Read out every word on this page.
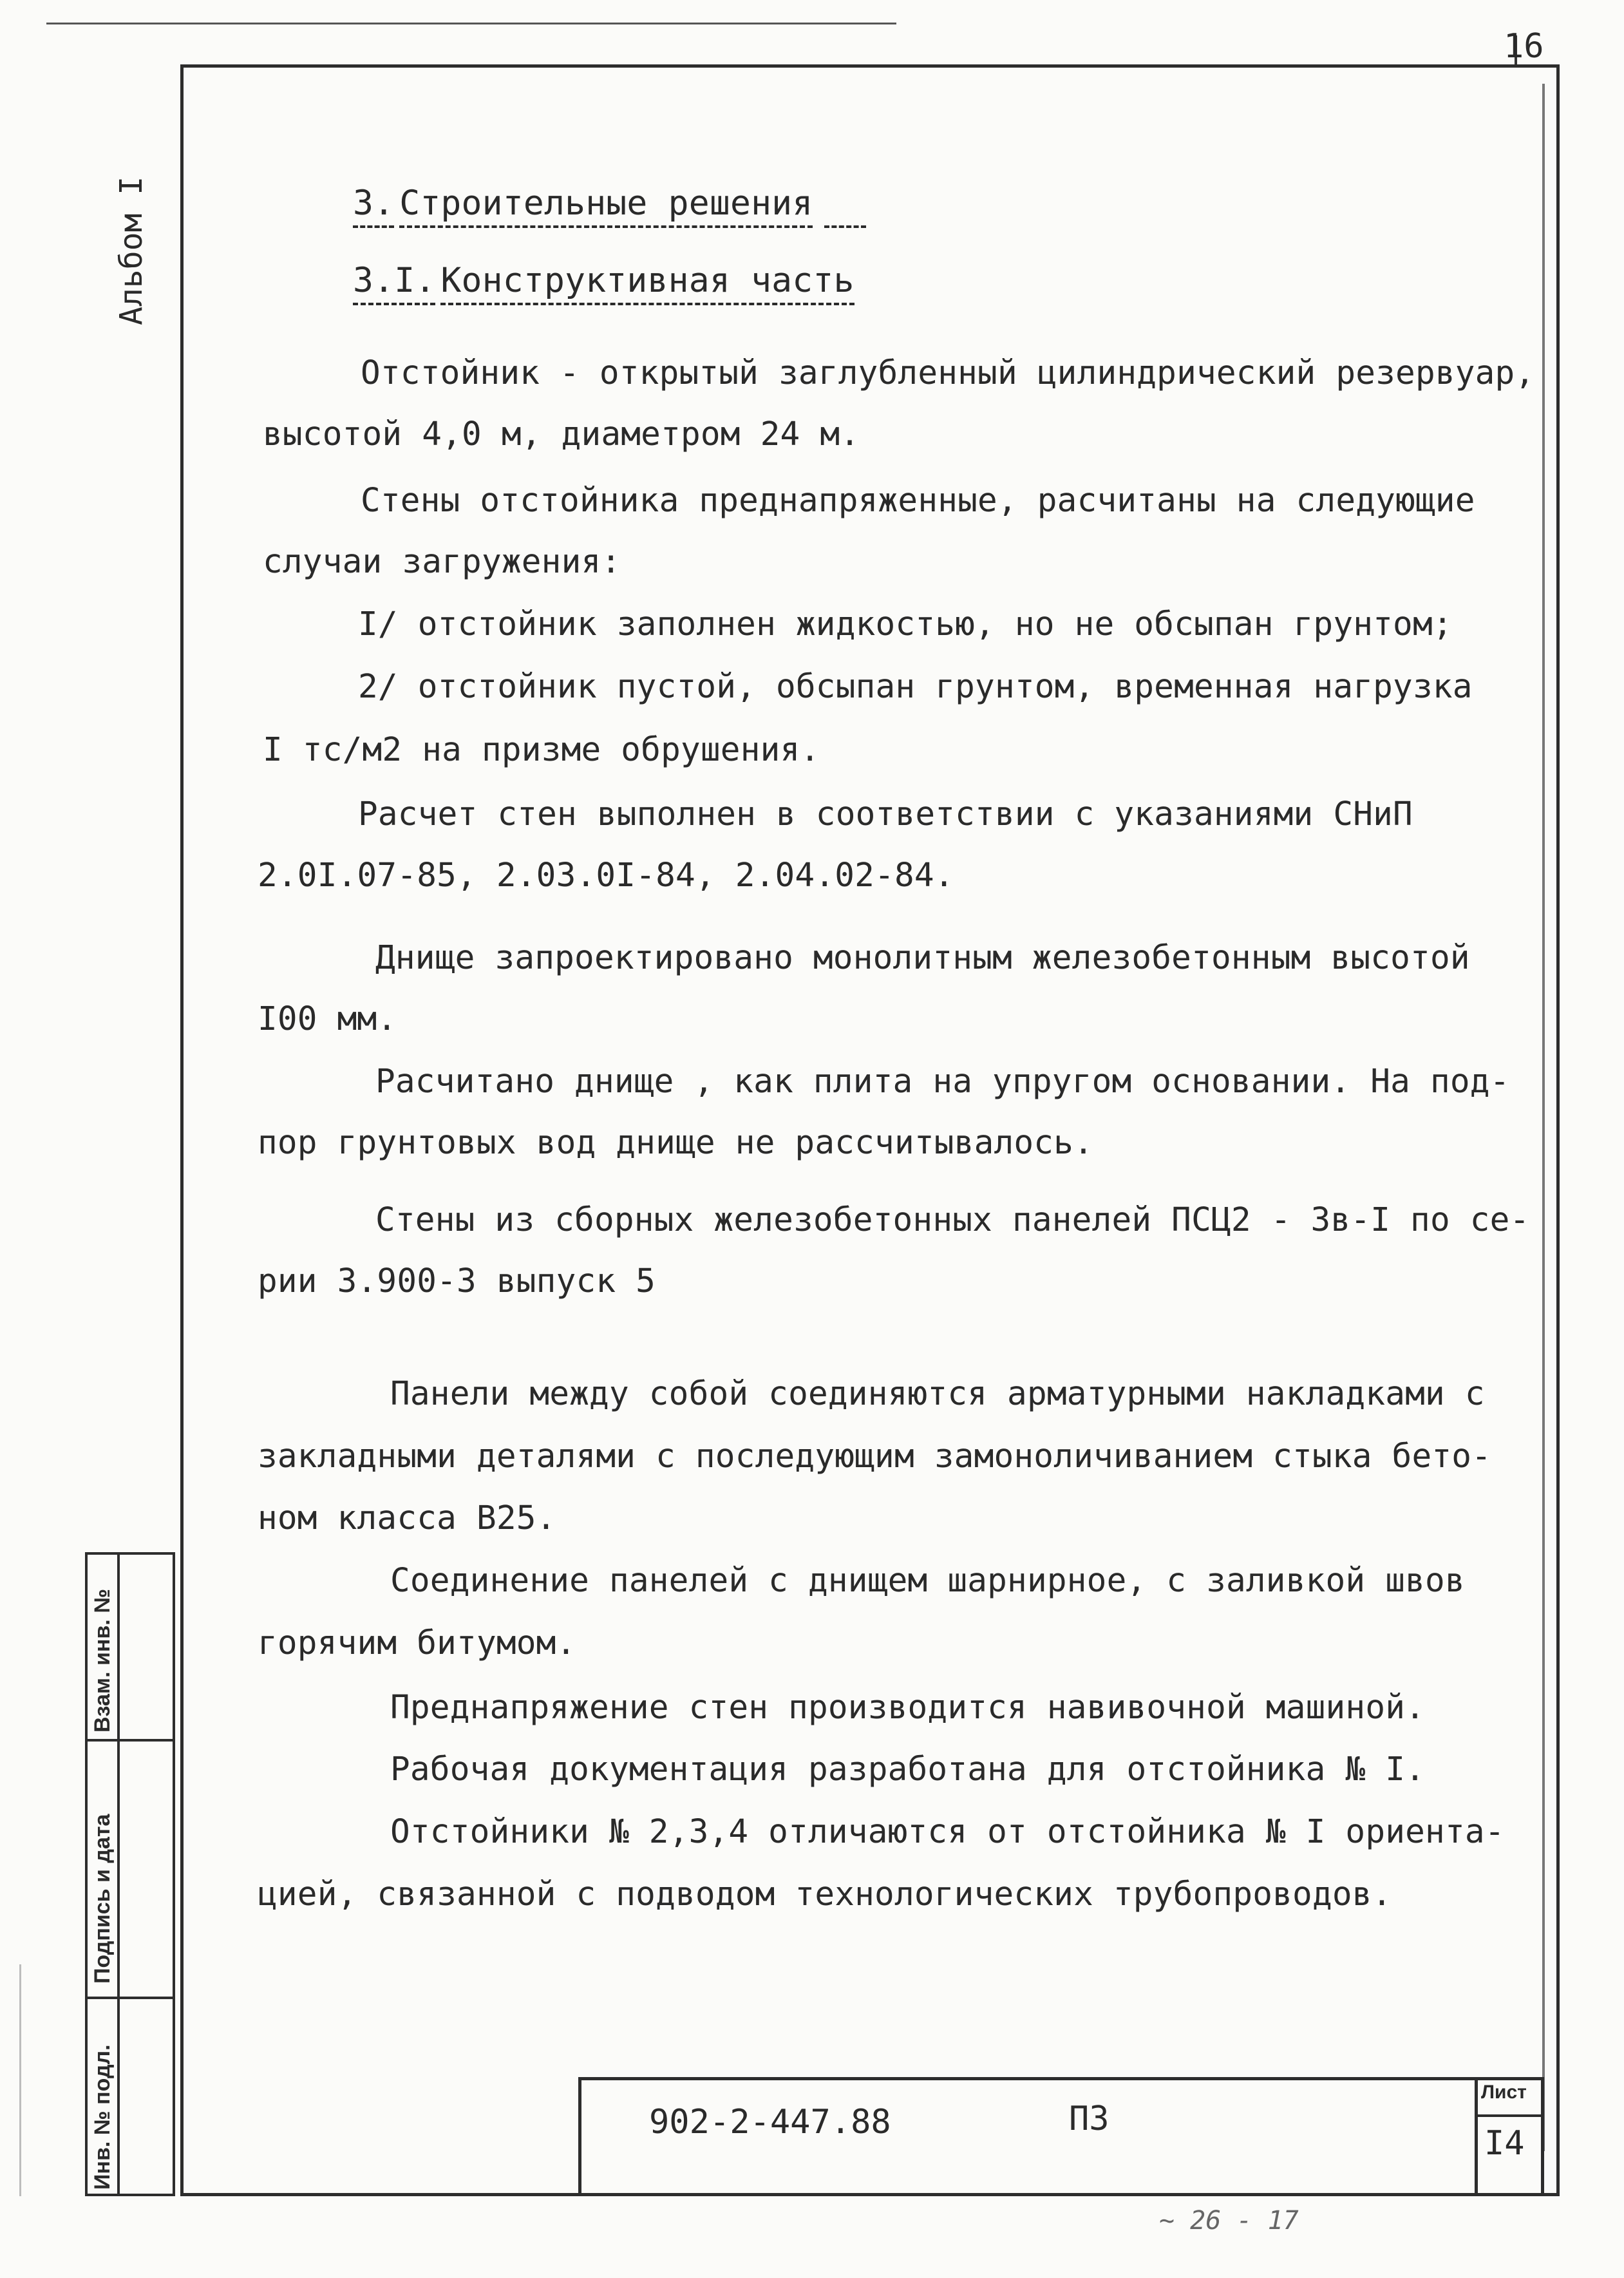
16
Альбом I	3. Строительные решения ​
3.I. Конструктивная часть
Отстойник - открытый заглубленный цилиндрический резервуар,
высотой 4,0 м, диаметром 24 м.
Стены отстойника преднапряженные, расчитаны на следующие
случаи загружения:
I/ отстойник заполнен жидкостью, но не обсыпан грунтом;
2/ отстойник пустой, обсыпан грунтом, временная нагрузка
I тс/м2 на призме обрушения.
Расчет стен выполнен в соответствии с указаниями СНиП
2.0I.07-85, 2.03.0I-84, 2.04.02-84.
Днище запроектировано монолитным железобетонным высотой
I00 мм.
Расчитано днище , как плита на упругом основании. На под-
пор грунтовых вод днище не рассчитывалось.
Стены из сборных железобетонных панелей ПСЦ2 - 3в-I по се-
рии 3.900-3 выпуск 5
Панели между собой соединяются арматурными накладками с
закладными деталями с последующим замоноличиванием стыка бето-
ном класса В25.
Соединение панелей с днищем шарнирное, с заливкой швов
горячим битумом.
Преднапряжение стен производится навивочной машиной.
Рабочая документация разработана для отстойника № I.
Отстойники № 2,3,4 отличаются от отстойника № I ориента-
цией, связанной с подводом технологических трубопроводов.
Взам. инв. №
Подпись и дата
Инв. № подл.	902-2-447.88	ПЗ
Лист
I4
~ 26 - 17
